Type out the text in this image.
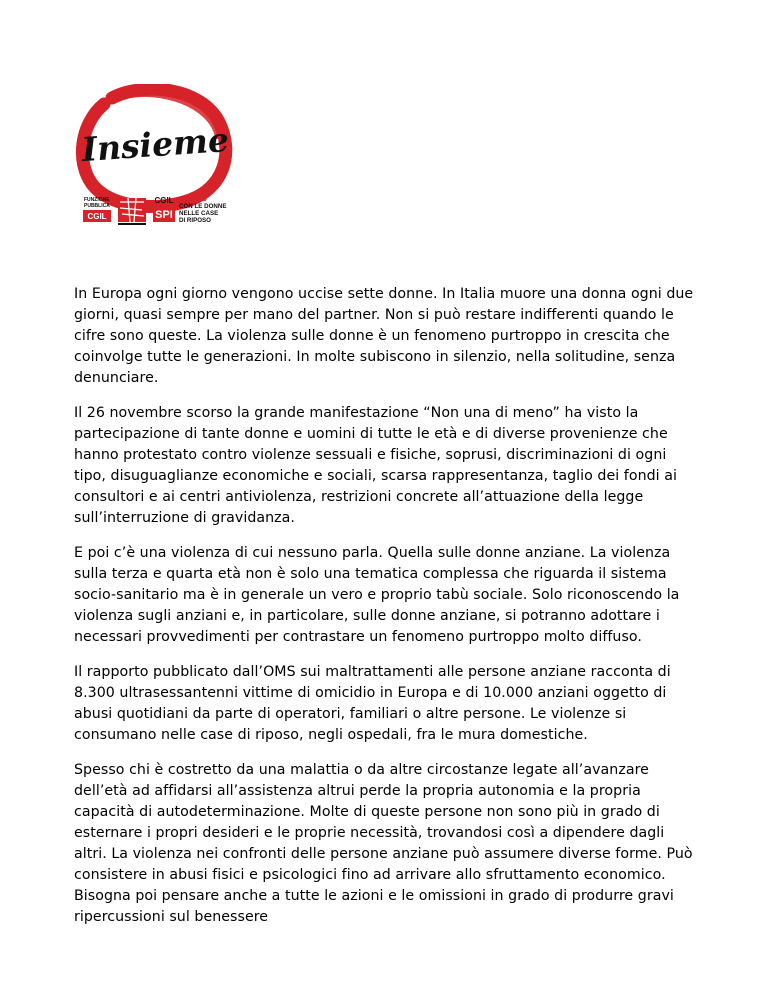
Insieme
FUNZIONE
PUBBLICA
CGIL
CGIL
SPI
8 MARZO
CON LE DONNE
NELLE CASE
DI RIPOSO

In Europa ogni giorno vengono uccise sette donne. In Italia muore una donna ogni due giorni, quasi sempre per mano del partner. Non si può restare indifferenti quando le cifre sono queste. La violenza sulle donne è un fenomeno purtroppo in crescita che coinvolge tutte le generazioni. In molte subiscono in silenzio, nella solitudine, senza denunciare.

Il 26 novembre scorso la grande manifestazione “Non una di meno” ha visto la partecipazione di tante donne e uomini di tutte le età e di diverse provenienze che hanno protestato contro violenze sessuali e fisiche, soprusi, discriminazioni di ogni tipo, disuguaglianze economiche e sociali, scarsa rappresentanza, taglio dei fondi ai consultori e ai centri antiviolenza, restrizioni concrete all’attuazione della legge sull’interruzione di gravidanza.

E poi c’è una violenza di cui nessuno parla. Quella sulle donne anziane. La violenza sulla terza e quarta età non è solo una tematica complessa che riguarda il sistema socio-sanitario ma è in generale un vero e proprio tabù sociale. Solo riconoscendo la violenza sugli anziani e, in particolare, sulle donne anziane, si potranno adottare i necessari provvedimenti per contrastare un fenomeno purtroppo molto diffuso.

Il rapporto pubblicato dall’OMS sui maltrattamenti alle persone anziane racconta di 8.300 ultrasessantenni vittime di omicidio in Europa e di 10.000 anziani oggetto di abusi quotidiani da parte di operatori, familiari o altre persone. Le violenze si consumano nelle case di riposo, negli ospedali, fra le mura domestiche.

Spesso chi è costretto da una malattia o da altre circostanze legate all’avanzare dell’età ad affidarsi all’assistenza altrui perde la propria autonomia e la propria capacità di autodeterminazione. Molte di queste persone non sono più in grado di esternare i propri desideri e le proprie necessità, trovandosi così a dipendere dagli altri. La violenza nei confronti delle persone anziane può assumere diverse forme. Può consistere in abusi fisici e psicologici fino ad arrivare allo sfruttamento economico. Bisogna poi pensare anche a tutte le azioni e le omissioni in grado di produrre gravi ripercussioni sul benessere
